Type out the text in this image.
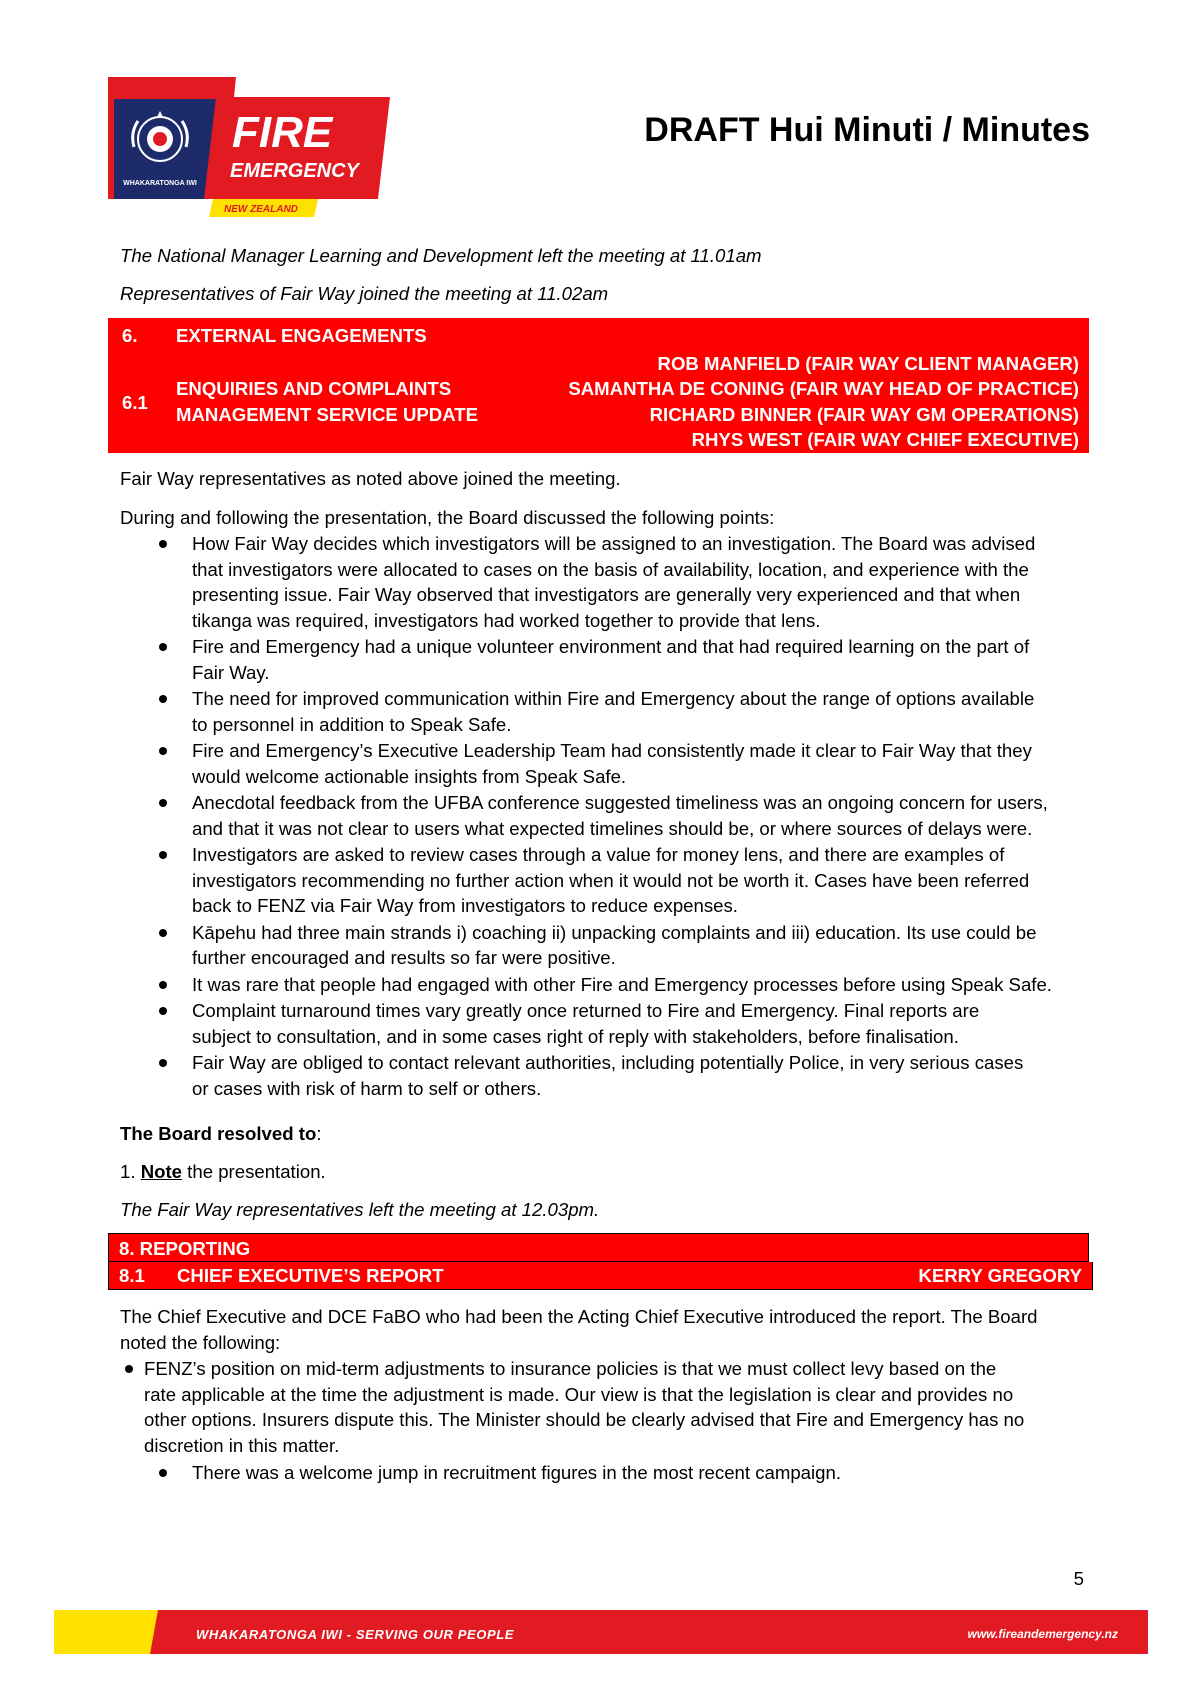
WHAKARATONGA IWI
FIRE
EMERGENCY
NEW ZEALAND
DRAFT Hui Minuti / Minutes

The National Manager Learning and Development left the meeting at 11.01am

Representatives of Fair Way joined the meeting at 11.02am

6. EXTERNAL ENGAGEMENTS
6.1
ENQUIRIES AND COMPLAINTS
MANAGEMENT SERVICE UPDATE
ROB MANFIELD (FAIR WAY CLIENT MANAGER)
SAMANTHA DE CONING (FAIR WAY HEAD OF PRACTICE)
RICHARD BINNER (FAIR WAY GM OPERATIONS)
RHYS WEST (FAIR WAY CHIEF EXECUTIVE)

Fair Way representatives as noted above joined the meeting.

During and following the presentation, the Board discussed the following points:

How Fair Way decides which investigators will be assigned to an investigation. The Board was advised
that investigators were allocated to cases on the basis of availability, location, and experience with the
presenting issue. Fair Way observed that investigators are generally very experienced and that when
tikanga was required, investigators had worked together to provide that lens.
Fire and Emergency had a unique volunteer environment and that had required learning on the part of
Fair Way.
The need for improved communication within Fire and Emergency about the range of options available
to personnel in addition to Speak Safe.
Fire and Emergency’s Executive Leadership Team had consistently made it clear to Fair Way that they
would welcome actionable insights from Speak Safe.
Anecdotal feedback from the UFBA conference suggested timeliness was an ongoing concern for users,
and that it was not clear to users what expected timelines should be, or where sources of delays were.
Investigators are asked to review cases through a value for money lens, and there are examples of
investigators recommending no further action when it would not be worth it. Cases have been referred
back to FENZ via Fair Way from investigators to reduce expenses.
Kāpehu had three main strands i) coaching ii) unpacking complaints and iii) education. Its use could be
further encouraged and results so far were positive.
It was rare that people had engaged with other Fire and Emergency processes before using Speak Safe.
Complaint turnaround times vary greatly once returned to Fire and Emergency. Final reports are
subject to consultation, and in some cases right of reply with stakeholders, before finalisation.
Fair Way are obliged to contact relevant authorities, including potentially Police, in very serious cases
or cases with risk of harm to self or others.

The Board resolved to:

1. Note the presentation.

The Fair Way representatives left the meeting at 12.03pm.

8. REPORTING
8.1 CHIEF EXECUTIVE’S REPORT	KERRY GREGORY

The Chief Executive and DCE FaBO who had been the Acting Chief Executive introduced the report. The Board

noted the following:

FENZ’s position on mid-term adjustments to insurance policies is that we must collect levy based on the
rate applicable at the time the adjustment is made. Our view is that the legislation is clear and provides no
other options. Insurers dispute this. The Minister should be clearly advised that Fire and Emergency has no
discretion in this matter.
There was a welcome jump in recruitment figures in the most recent campaign.
5
WHAKARATONGA IWI - SERVING OUR PEOPLE	www.fireandemergency.nz
